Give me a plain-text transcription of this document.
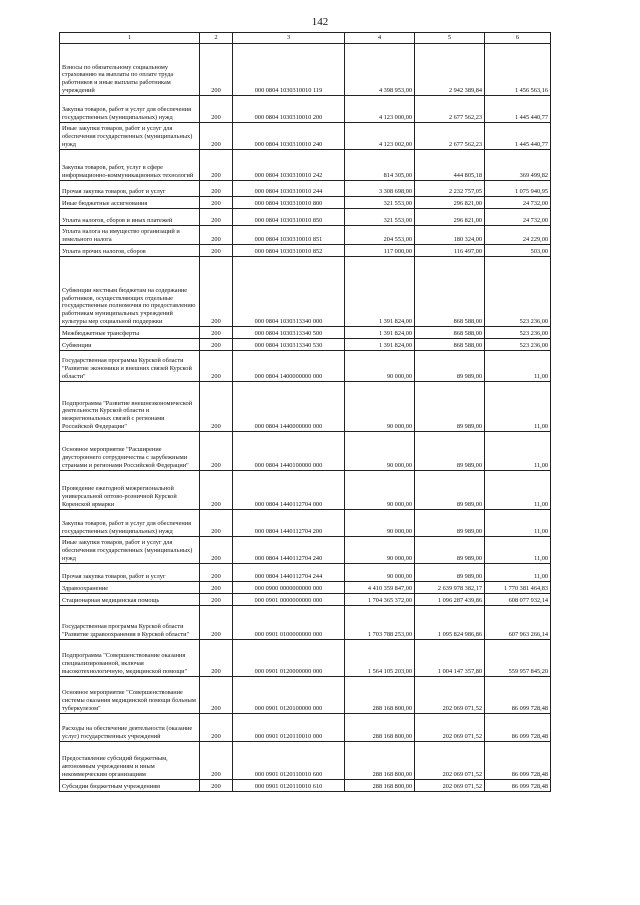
142
1	2	3	4	5	6
Взносы по обязательному социальному страхованию на выплаты по оплате труда работников и иные выплаты работникам учреждений	200	000 0804 1030310010 119	4 398 953,00	2 942 389,84	1 456 563,16
Закупка товаров, работ и услуг для обеспечения государственных (муниципальных) нужд	200	000 0804 1030310010 200	4 123 000,00	2 677 562,23	1 445 440,77
Иные закупки товаров, работ и услуг для обеспечения государственных (муниципальных) нужд	200	000 0804 1030310010 240	4 123 002,00	2 677 562,23	1 445 440,77
Закупка товаров, работ, услуг в сфере информационно-коммуникационных технологий	200	000 0804 1030310010 242	814 305,00	444 805,18	369 499,82
Прочая закупка товаров, работ и услуг	200	000 0804 1030310010 244	3 308 698,00	2 232 757,05	1 075 940,95
Иные бюджетные ассигнования	200	000 0804 1030310010 800	321 553,00	296 821,00	24 732,00
Уплата налогов, сборов и иных платежей	200	000 0804 1030310010 850	321 553,00	296 821,00	24 732,00
Уплата налога на имущество организаций и земельного налога	200	000 0804 1030310010 851	204 553,00	180 324,00	24 229,00
Уплата прочих налогов, сборов	200	000 0804 1030310010 852	117 000,00	116 497,00	503,00
Субвенции местным бюджетам на содержание работников, осуществляющих отдельные государственные полномочия по предоставлению работникам муниципальных учреждений культуры мер социальной поддержки	200	000 0804 1030313340 000	1 391 824,00	868 588,00	523 236,00
Межбюджетные трансферты	200	000 0804 1030313340 500	1 391 824,00	868 588,00	523 236,00
Субвенции	200	000 0804 1030313340 530	1 391 824,00	868 588,00	523 236,00
Государственная программа Курской области "Развитие экономики и внешних связей Курской области"	200	000 0804 1400000000 000	90 000,00	89 989,00	11,00
Подпрограмма "Развитие внешнеэкономической деятельности Курской области и межрегиональных связей с регионами Российской Федерации"	200	000 0804 1440000000 000	90 000,00	89 989,00	11,00
Основное мероприятие "Расширение двустороннего сотрудничества с зарубежными странами и регионами Российской Федерации"	200	000 0804 1440100000 000	90 000,00	89 989,00	11,00
Проведение ежегодной межрегиональной универсальной оптово-розничной Курской Коренской ярмарки	200	000 0804 1440112704 000	90 000,00	89 989,00	11,00
Закупка товаров, работ и услуг для обеспечения государственных (муниципальных) нужд	200	000 0804 1440112704 200	90 000,00	89 989,00	11,00
Иные закупки товаров, работ и услуг для обеспечения государственных (муниципальных) нужд	200	000 0804 1440112704 240	90 000,00	89 989,00	11,00
Прочая закупка товаров, работ и услуг	200	000 0804 1440112704 244	90 000,00	89 989,00	11,00
Здравоохранение	200	000 0900 0000000000 000	4 410 359 847,00	2 639 978 382,17	1 770 381 464,83
Стационарная медицинская помощь	200	000 0901 0000000000 000	1 704 365 372,00	1 096 287 439,86	608 077 932,14
Государственная программа Курской области "Развитие здравоохранения в Курской области"	200	000 0901 0100000000 000	1 703 788 253,00	1 095 824 986,86	607 963 266,14
Подпрограмма "Совершенствование оказания специализированной, включая высокотехнологичную, медицинской помощи"	200	000 0901 0120000000 000	1 564 105 203,00	1 004 147 357,80	559 957 845,20
Основное мероприятие "Совершенствование системы оказания медицинской помощи больным туберкулезом"	200	000 0901 0120100000 000	288 168 800,00	202 069 071,52	86 099 728,48
Расходы на обеспечение деятельности (оказание услуг) государственных учреждений	200	000 0901 0120110010 000	288 168 800,00	202 069 071,52	86 099 728,48
Предоставление субсидий бюджетным, автономным учреждениям и иным некоммерческим организациям	200	000 0901 0120110010 600	288 168 800,00	202 069 071,52	86 099 728,48
Субсидии бюджетным учреждениям	200	000 0901 0120110010 610	288 168 800,00	202 069 071,52	86 099 728,48
